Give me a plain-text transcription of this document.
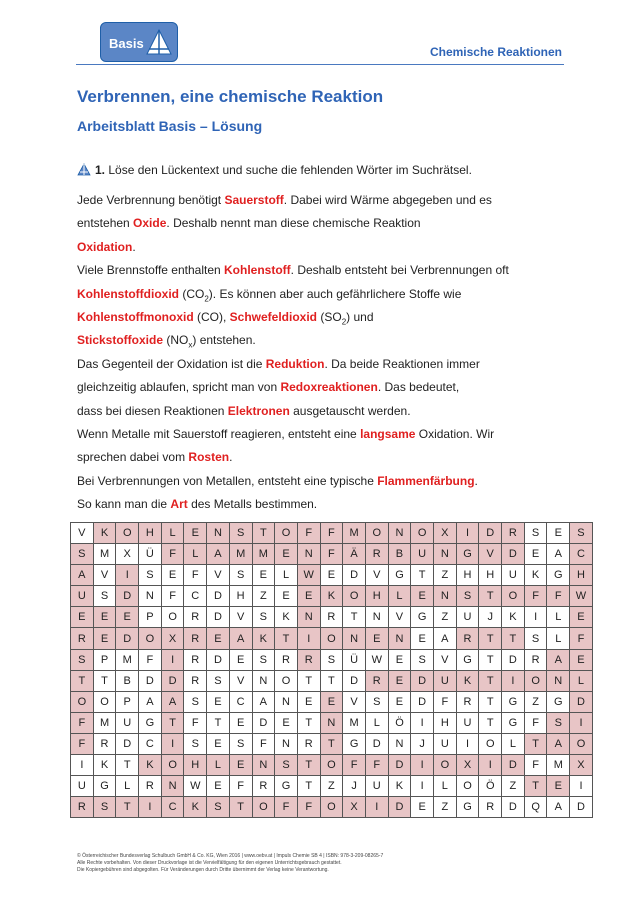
Basis
Chemische Reaktionen
Verbrennen, eine chemische Reaktion
Arbeitsblatt Basis – Lösung
1. Löse den Lückentext und suche die fehlenden Wörter im Suchrätsel.
Jede Verbrennung benötigt Sauerstoff. Dabei wird Wärme abgegeben und es
entstehen Oxide. Deshalb nennt man diese chemische Reaktion
Oxidation.
Viele Brennstoffe enthalten Kohlenstoff. Deshalb entsteht bei Verbrennungen oft
Kohlenstoffdioxid $(CO_2)$. Es können aber auch gefährlichere Stoffe wie
Kohlenstoffmonoxid (CO), Schwefeldioxid $(SO_2)$ und
Stickstoffoxide $(NO_x)$ entstehen.
Das Gegenteil der Oxidation ist die Reduktion. Da beide Reaktionen immer
gleichzeitig ablaufen, spricht man von Redoxreaktionen. Das bedeutet,
dass bei diesen Reaktionen Elektronen ausgetauscht werden.
Wenn Metalle mit Sauerstoff reagieren, entsteht eine langsame Oxidation. Wir
sprechen dabei vom Rosten.
Bei Verbrennungen von Metallen, entsteht eine typische Flammenfärbung.
So kann man die Art des Metalls bestimmen.
V	K	O	H	L	E	N	S	T	O	F	F	M	O	N	O	X	I	D	R	S	E	S
S	M	X	Ü	F	L	A	M	M	E	N	F	Ä	R	B	U	N	G	V	D	E	A	C
A	V	I	S	E	F	V	S	E	L	W	E	D	V	G	T	Z	H	H	U	K	G	H
U	S	D	N	F	C	D	H	Z	E	E	K	O	H	L	E	N	S	T	O	F	F	W
E	E	E	P	O	R	D	V	S	K	N	R	T	N	V	G	Z	U	J	K	I	L	E
R	E	D	O	X	R	E	A	K	T	I	O	N	E	N	E	A	R	T	T	S	L	F
S	P	M	F	I	R	D	E	S	R	R	S	Ü	W	E	S	V	G	T	D	R	A	E
T	T	B	D	D	R	S	V	N	O	T	T	D	R	E	D	U	K	T	I	O	N	L
O	O	P	A	A	S	E	C	A	N	E	E	V	S	E	D	F	R	T	G	Z	G	D
F	M	U	G	T	F	T	E	D	E	T	N	M	L	Ö	I	H	U	T	G	F	S	I
F	R	D	C	I	S	E	S	F	N	R	T	G	D	N	J	U	I	O	L	T	A	O
I	K	T	K	O	H	L	E	N	S	T	O	F	F	D	I	O	X	I	D	F	M	X
U	G	L	R	N	W	E	F	R	G	T	Z	J	U	K	I	L	O	Ö	Z	T	E	I
R	S	T	I	C	K	S	T	O	F	F	O	X	I	D	E	Z	G	R	D	Q	A	D
© Österreichischer Bundesverlag Schulbuch GmbH & Co. KG, Wien 2016 | www.oebv.at | Impuls Chemie SB 4 | ISBN: 978-3-209-08265-7
Alle Rechte vorbehalten. Von dieser Druckvorlage ist die Vervielfältigung für den eigenen Unterrichtsgebrauch gestattet.
Die Kopiergebühren sind abgegolten. Für Veränderungen durch Dritte übernimmt der Verlag keine Verantwortung.
